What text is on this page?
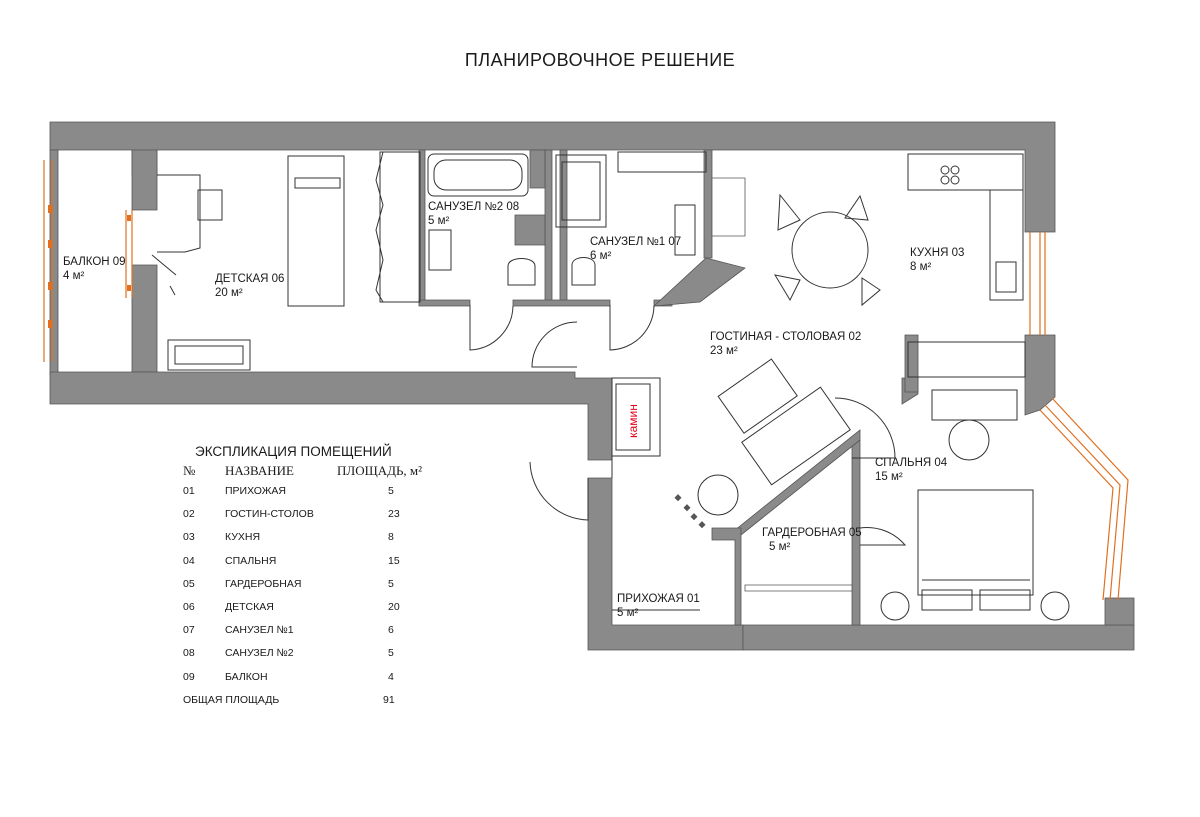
ПЛАНИРОВОЧНОЕ РЕШЕНИЕ
БАЛКОН 09
4 м²	ДЕТСКАЯ 06
20 м²
САНУЗЕЛ №2 08
5 м²
САНУЗЕЛ №1 07
6 м²	КУХНЯ 03
8 м²
ГОСТИНАЯ - СТОЛОВАЯ 02
23 м²
СПАЛЬНЯ 04
15 м²
ГАРДЕРОБНАЯ 05
5 м²
ПРИХОЖАЯ 01
5 м²
камин
ЭКСПЛИКАЦИЯ ПОМЕЩЕНИЙ
№ НАЗВАНИЕ	ПЛОЩАДЬ, м²
01	ПРИХОЖАЯ	5
02	ГОСТИН-СТОЛОВ	23
03	КУХНЯ	8
04	СПАЛЬНЯ	15
05	ГАРДЕРОБНАЯ	5
06	ДЕТСКАЯ	20
07	САНУЗЕЛ №1	6
08	САНУЗЕЛ №2	5
09	БАЛКОН	4
ОБЩАЯ ПЛОЩАДЬ	91
